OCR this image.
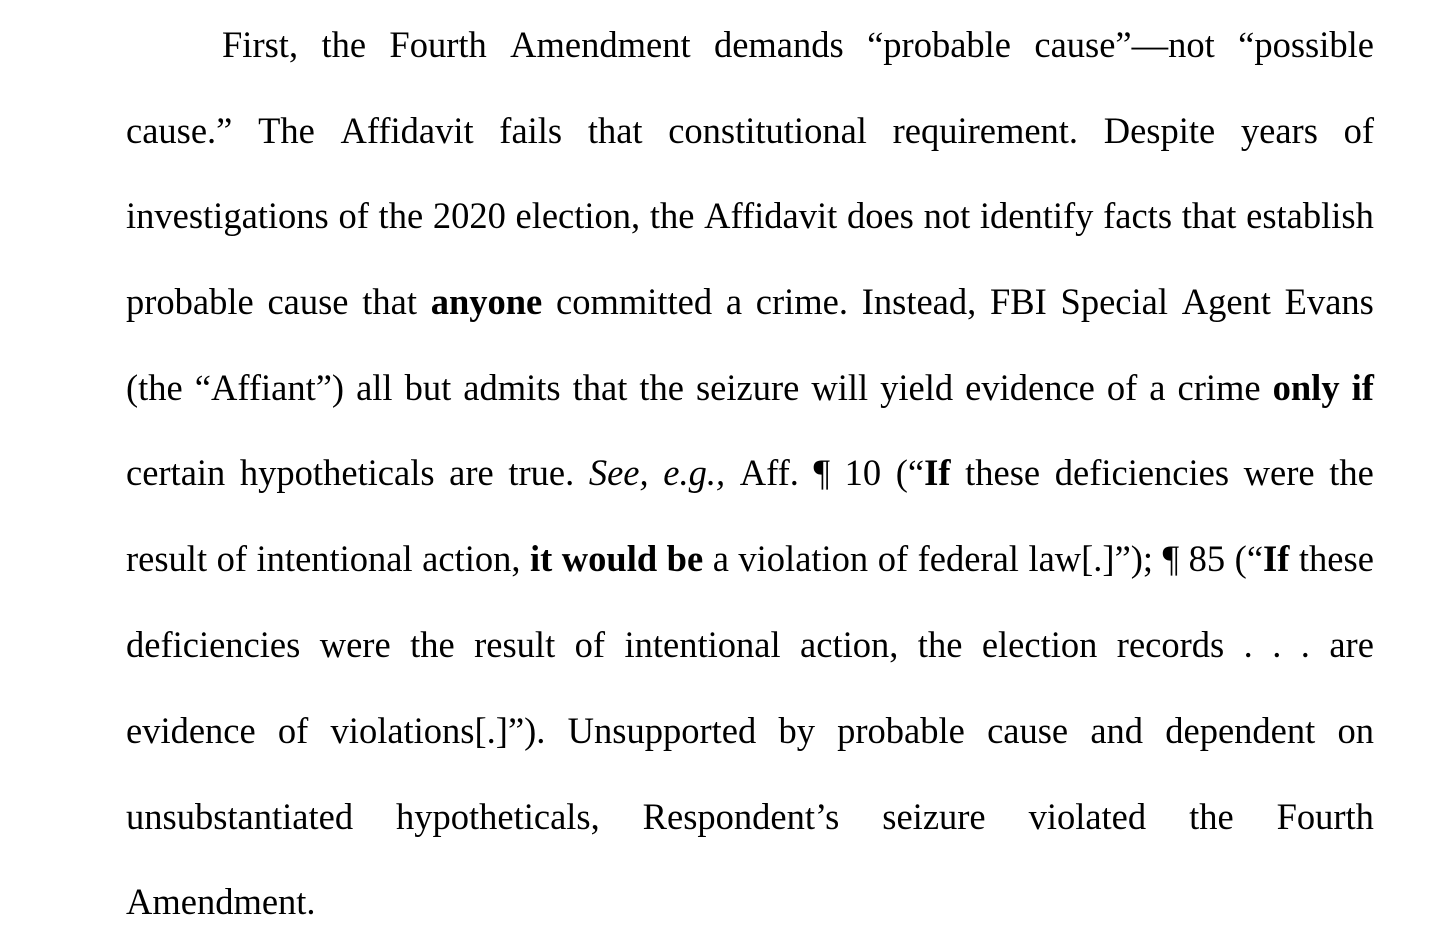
First, the Fourth Amendment demands “probable cause”—not “possible
cause.” The Affidavit fails that constitutional requirement. Despite years of
investigations of the 2020 election, the Affidavit does not identify facts that establish
probable cause that anyone committed a crime. Instead, FBI Special Agent Evans
(the “Affiant”) all but admits that the seizure will yield evidence of a crime only if
certain hypotheticals are true. See, e.g., Aff. ¶ 10 (“If these deficiencies were the
result of intentional action, it would be a violation of federal law[.]”); ¶ 85 (“If these
deficiencies were the result of intentional action, the election records . . . are
evidence of violations[.]”). Unsupported by probable cause and dependent on
unsubstantiated hypotheticals, Respondent’s seizure violated the Fourth
Amendment.
